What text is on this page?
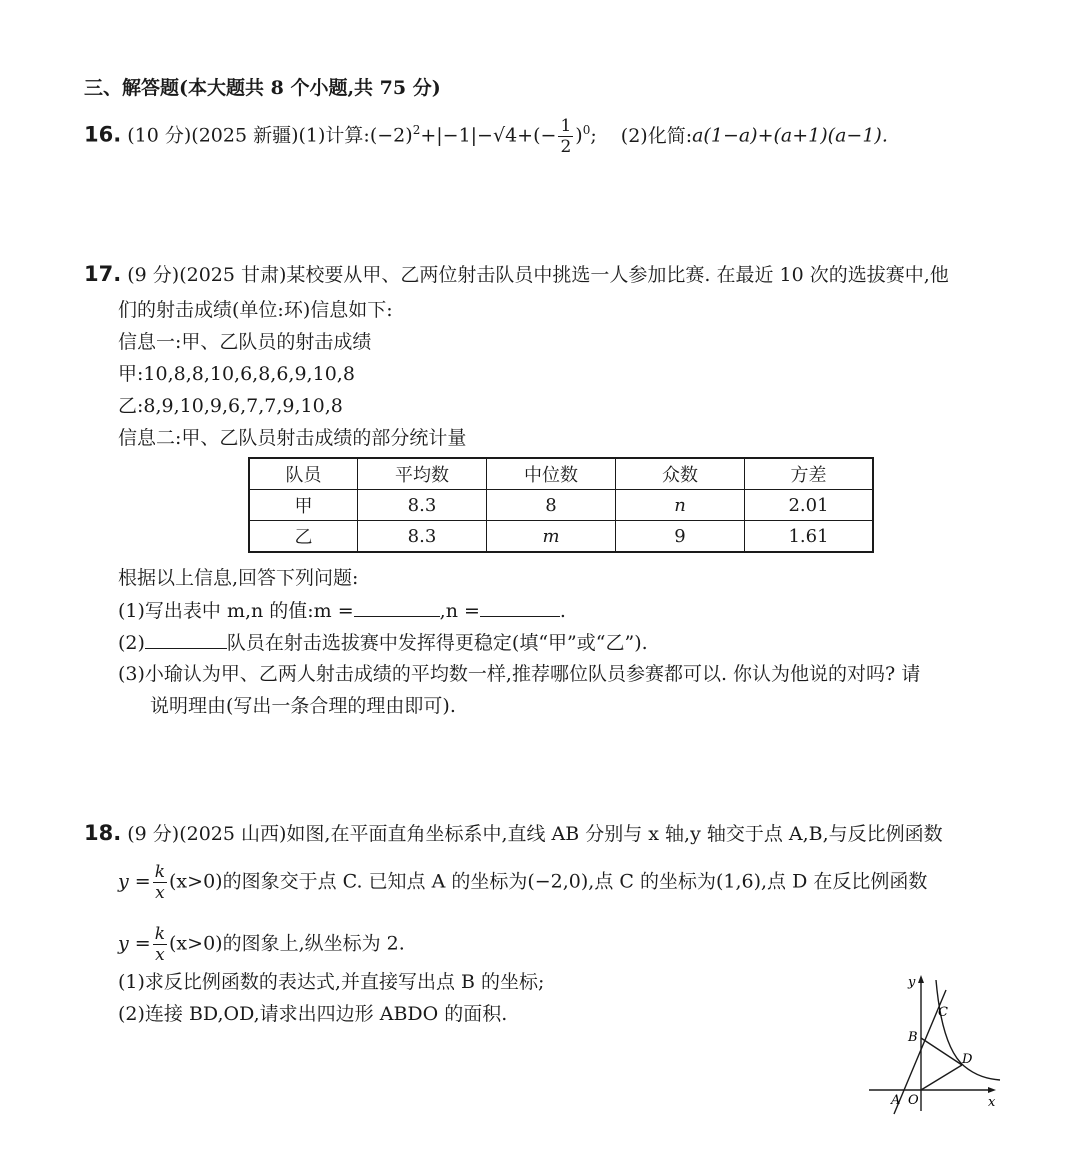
三、解答题(本大题共 8 个小题,共 75 分)
16. (10 分)(2025 新疆)(1)计算$:(-2)^2+|-1|-√4+(- \frac{1}{2} )^0$; (2)化简:a(1−a)+(a+1)(a−1).
17. (9 分)(2025 甘肃)某校要从甲、乙两位射击队员中挑选一人参加比赛. 在最近 10 次的选拔赛中,他
们的射击成绩(单位:环)信息如下:
信息一:甲、乙队员的射击成绩
甲:10,8,8,10,6,8,6,9,10,8
乙:8,9,10,9,6,7,7,9,10,8
信息二:甲、乙队员射击成绩的部分统计量
队员	平均数	中位数	众数	方差
甲	8.3	8	n	2.01
乙	8.3	m	9	1.61
根据以上信息,回答下列问题:
(1)写出表中 m,n 的值:m =	,n =	.
(2)	队员在射击选拔赛中发挥得更稳定(填“甲”或“乙”).
(3)小瑜认为甲、乙两人射击成绩的平均数一样,推荐哪位队员参赛都可以. 你认为他说的对吗? 请
说明理由(写出一条合理的理由即可).
18. (9 分)(2025 山西)如图,在平面直角坐标系中,直线 AB 分别与 x 轴,y 轴交于点 A,B,与反比例函数
$y = \frac{k}{x} (x>0)$的图象交于点 C. 已知点 A 的坐标为(−2,0),点 C 的坐标为(1,6),点 D 在反比例函数
$y = \frac{k}{x} (x>0)$的图象上,纵坐标为 2.
(1)求反比例函数的表达式,并直接写出点 B 的坐标;
(2)连接 BD,OD,请求出四边形 ABDO 的面积.
y
x
A O
B
C
D
